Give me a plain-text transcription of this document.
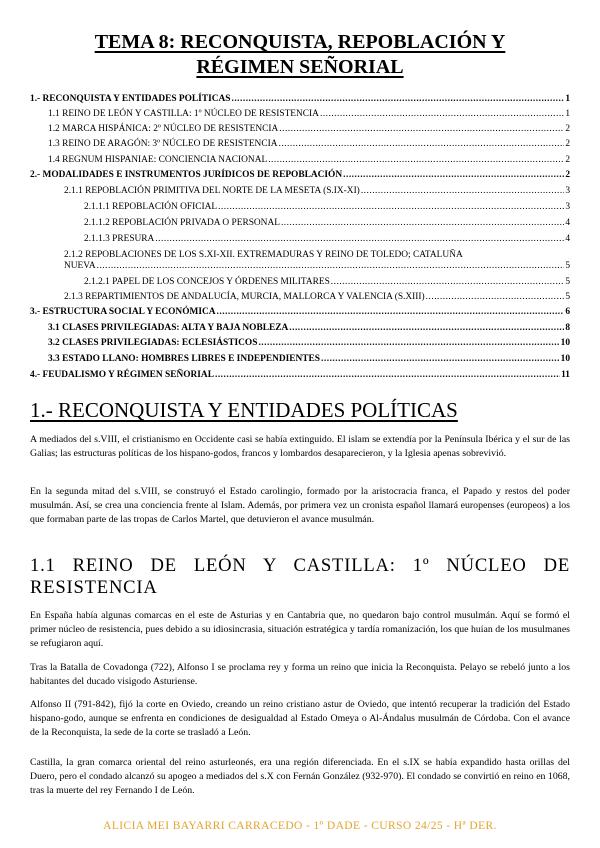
TEMA 8: RECONQUISTA, REPOBLACIÓN Y
RÉGIMEN SEÑORIAL
1.- RECONQUISTA Y ENTIDADES POLÍTICAS .....	1
1.1 REINO DE LEÓN Y CASTILLA: 1º NÚCLEO DE RESISTENCIA .....	1
1.2 MARCA HISPÁNICA: 2º NÚCLEO DE RESISTENCIA .....	2
1.3 REINO DE ARAGÓN: 3º NÚCLEO DE RESISTENCIA .....	2
1.4 REGNUM HISPANIAE: CONCIENCIA NACIONAL .....	2
2.- MODALIDADES E INSTRUMENTOS JURÍDICOS DE REPOBLACIÓN .....	2
2.1.1 REPOBLACIÓN PRIMITIVA DEL NORTE DE LA MESETA (S.IX-XI) .....	3
2.1.1.1 REPOBLACIÓN OFICIAL .....	3
2.1.1.2 REPOBLACIÓN PRIVADA O PERSONAL .....	4
2.1.1.3 PRESURA .....	4
2.1.2 REPOBLACIONES DE LOS S.XI-XII. EXTREMADURAS Y REINO DE TOLEDO; CATALUÑA
NUEVA .....	5
2.1.2.1 PAPEL DE LOS CONCEJOS Y ÓRDENES MILITARES .....	5
2.1.3 REPARTIMIENTOS DE ANDALUCÍA, MURCIA, MALLORCA Y VALENCIA (S.XIII) .....	5
3.- ESTRUCTURA SOCIAL Y ECONÓMICA .....	6
3.1 CLASES PRIVILEGIADAS: ALTA Y BAJA NOBLEZA .....	8
3.2 CLASES PRIVILEGIADAS: ECLESIÁSTICOS .....	10
3.3 ESTADO LLANO: HOMBRES LIBRES E INDEPENDIENTES .....	10
4.- FEUDALISMO Y RÉGIMEN SEÑORIAL .....	11
1.- RECONQUISTA Y ENTIDADES POLÍTICAS

A mediados del s.VIII, el cristianismo en Occidente casi se había extinguido. El islam se extendía por la Península Ibérica y el sur de las Galias; las estructuras políticas de los hispano-godos, francos y lombardos desaparecieron, y la Iglesia apenas sobrevivió.

En la segunda mitad del s.VIII, se construyó el Estado carolingio, formado por la aristocracia franca, el Papado y restos del poder musulmán. Así, se crea una conciencia frente al Islam. Además, por primera vez un cronista español llamará europenses (europeos) a los que formaban parte de las tropas de Carlos Martel, que detuvieron el avance musulmán.

1.1 REINO DE LEÓN Y CASTILLA: 1º NÚCLEO DE RESISTENCIA

En España había algunas comarcas en el este de Asturias y en Cantabria que, no quedaron bajo control musulmán. Aquí se formó el primer núcleo de resistencia, pues debido a su idiosincrasia, situación estratégica y tardía romanización, los que huían de los musulmanes se refugiaron aquí.

Tras la Batalla de Covadonga (722), Alfonso I se proclama rey y forma un reino que inicia la Reconquista. Pelayo se rebeló junto a los habitantes del ducado visigodo Asturiense.

Alfonso II (791-842), fijó la corte en Oviedo, creando un reino cristiano astur de Oviedo, que intentó recuperar la tradición del Estado hispano-godo, aunque se enfrenta en condiciones de desigualdad al Estado Omeya o Al-Ándalus musulmán de Córdoba. Con el avance de la Reconquista, la sede de la corte se trasladó a León.

Castilla, la gran comarca oriental del reino asturleonés, era una región diferenciada. En el s.IX se había expandido hasta orillas del Duero, pero el condado alcanzó su apogeo a mediados del s.X con Fernán González (932-970). El condado se convirtió en reino en 1068, tras la muerte del rey Fernando I de León.

ALICIA MEI BAYARRI CARRACEDO - 1º DADE - CURSO 24/25 - Hª DER.
